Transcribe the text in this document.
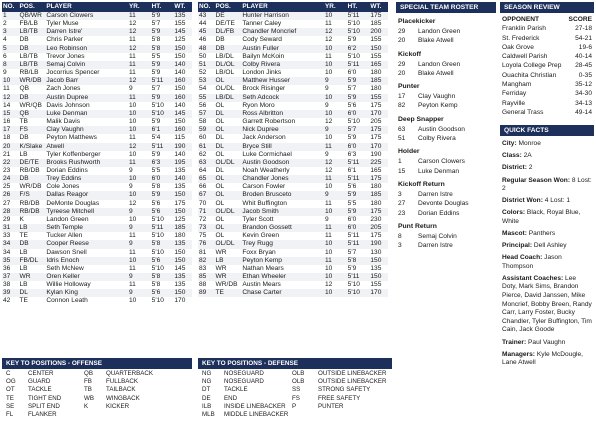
NO.	POS.	PLAYER	YR.	HT.	WT.
1	QB/WR	Carson Clowers	11	5'9	135
2	FB/LB	Tyler Muse	12	5'7	155
3	LB/TB	Darren Istre'	12	5'9	145
4	DB	Chris Parker	11	5'8	125
5	DB	Leo Robinson	12	5'8	150
6	LB/TB	Trevor Jones	11	5'5	150
8	LB/TB	Semaj Colvin	11	5'9	140
9	RB/LB	Jocorrius Spencer	11	5'9	140
10	WR/DB	Jacob Barr	12	5'11	160
11	QB	Zach Jones	9	5'7	150
12	DB	Austin Dupree	11	5'9	160
14	WR/QB	Davis Johnson	10	5'10	140
15	QB	Luke Denman	10	5'10	145
16	TB	Malik Davis	10	5'9	150
17	FS	Clay Vaughn	10	6'1	160
18	DB	Peyton Matthews	11	5'4	115
20	K/Slake	Atwell	12	5'11	190
21	LB	Tyler Koffenberger	10	5'9	140
22	DE/TE	Brooks Rushworth	11	6'3	195
23	RB/DB	Dorian Eddins	9	5'5	135
24	DB	Trey Eddins	10	6'0	140
25	WR/DB	Cole Jones	9	5'8	135
26	F/S	Dallas Reagor	10	5'9	150
27	RB/DB	DeMonte Douglas	12	5'6	175
28	RB/DB	Tyreese Mitchell	9	5'6	150
29	K	Landon Green	10	5'10	125
31	LB	Seth Temple	9	5'11	185
33	TE	Tucker Allen	11	5'10	180
34	DB	Cooper Reese	9	5'8	135
34	LB	Dawson Snell	11	5'10	150
35	FB/DL	Idris Enoch	10	5'6	150
36	LB	Seth McNew	11	5'10	145
37	WR	Oren Keller	9	5'8	135
38	LB	Willie Holloway	11	5'8	135
39	DL	Kylan King	9	5'6	150
42	TE	Connon Leath	10	5'10	170
NO.	POS.	PLAYER	YR.	HT.	WT.
43	DE	Hunter Harrison	10	5'11	175
44	DE/TE	Tanner Caley	11	5'10	185
45	DL/FB	Chandler Moncrief	12	5'10	200
46	DB	Cody Seward	12	5'9	155
48	DB	Austin Fuller	10	6'2	150
50	LB/DL	Bailyn McKoin	11	5'10	155
51	DL/OL	Colby Rivera	10	5'11	165
52	LB/OL	London Jinks	10	6'0	180
53	OL	Matthew Husser	9	5'9	185
54	OL/DL	Brock Risinger	9	5'7	180
55	LB/DL	Seth Adcock	10	5'9	155
56	OL	Ryon Moro	9	5'6	175
57	DL	Ross Albritton	10	6'0	170
58	OL	Garrett Robertson	12	5'10	205
59	OL	Nick Dupree	9	5'7	175
60	DL	Jack Anderson	10	5'9	175
61	DL	Bryce Still	11	6'0	170
62	OL	Luke Cormichael	9	6'3	190
63	OL/DL	Austin Goodson	12	5'11	225
64	DL	Noah Weatherly	12	6'1	165
65	OL	Chandler Jones	11	5'11	175
66	OL	Carson Fowler	10	5'6	180
67	OL	Broden Brusceto	9	5'9	185
70	OL	Whit Buffington	11	5'5	180
71	OL/DL	Jacob Smith	10	5'9	175
72	OL	Tyler Scott	9	6'0	230
73	OL	Brandon Gossett	11	6'0	205
75	OL	Kevin Green	11	5'11	175
76	OL/DL	Trey Rugg	10	5'11	190
81	WR	Foxx Bryan	10	5'7	130
82	LB	Peyton Kemp	11	5'8	150
83	WR	Nathan Mears	10	5'9	135
85	WR	Ethan Wheeler	10	5'11	150
88	WR/DB	Austin Mears	12	5'10	155
89	TE	Chase Carter	10	5'10	170
KEY TO POSITIONS - OFFENSE	KEY TO POSITIONS - DEFENSE
C	CENTER	QB	QUARTERBACK
OG	GUARD	FB	FULLBACK
OT	TACKLE	TB	TAILBACK
TE	TIGHT END	WB	WINGBACK
SE	SPLIT END	K	KICKER
FL	FLANKER
NG	NOSEGUARD	OLB	OUTSIDE LINEBACKER
NG	NOSEGUARD	OLB	OUTSIDE LINEBACKER
DT	TACKLE	SS	STRONG SAFETY
DE	END	FS	FREE SAFETY
ILB	INSIDE LINEBACKER	P	PUNTER
MLB	MIDDLE LINEBACKER
SPECIAL TEAM ROSTER
Placekicker
29	Landon Green
20	Blake Atwell
Kickoff
29	Landon Green
20	Blake Atwell
Punter
17	Clay Vaughn
82	Peyton Kemp
Deep Snapper
63	Austin Goodson
51	Colby Rivera
Holder
1	Carson Clowers
15	Luke Denman
Kickoff Return
3	Darren Istre
27	Devonte Douglas
23	Dorian Eddins
Punt Return
8	Semaj Colvin
3	Darren Istre
SEASON REVIEW
OPPONENT	SCORE
Franklin Parish	27-18
St. Frederick	54-21
Oak Grove	19-6
Caldwell Parish	40-14
Loyola College Prep 28-45
Ouachita Christian	0-35
Mangham	35-12
Ferriday	34-30
Rayville	34-13
General Trass	49-14
QUICK FACTS

City: Monroe

Class: 2A

District: 2

Regular Season Won: 8 Lost: 2

District Won: 4 Lost: 1

Colors: Black, Royal Blue, White

Mascot: Panthers

Principal: Dell Ashley

Head Coach: Jason Thompson

Assistant Coaches: Lee Doty, Mark Sims, Brandon Pierce, David Janssen, Mike Moncrief, Bobby Breen, Randy Carr, Larry Foster, Bucky Chandler, Tyler Buffington, Tim Cain, Jack Goode

Trainer: Paul Vaughn

Managers: Kyle McDougle, Lane Atwell
